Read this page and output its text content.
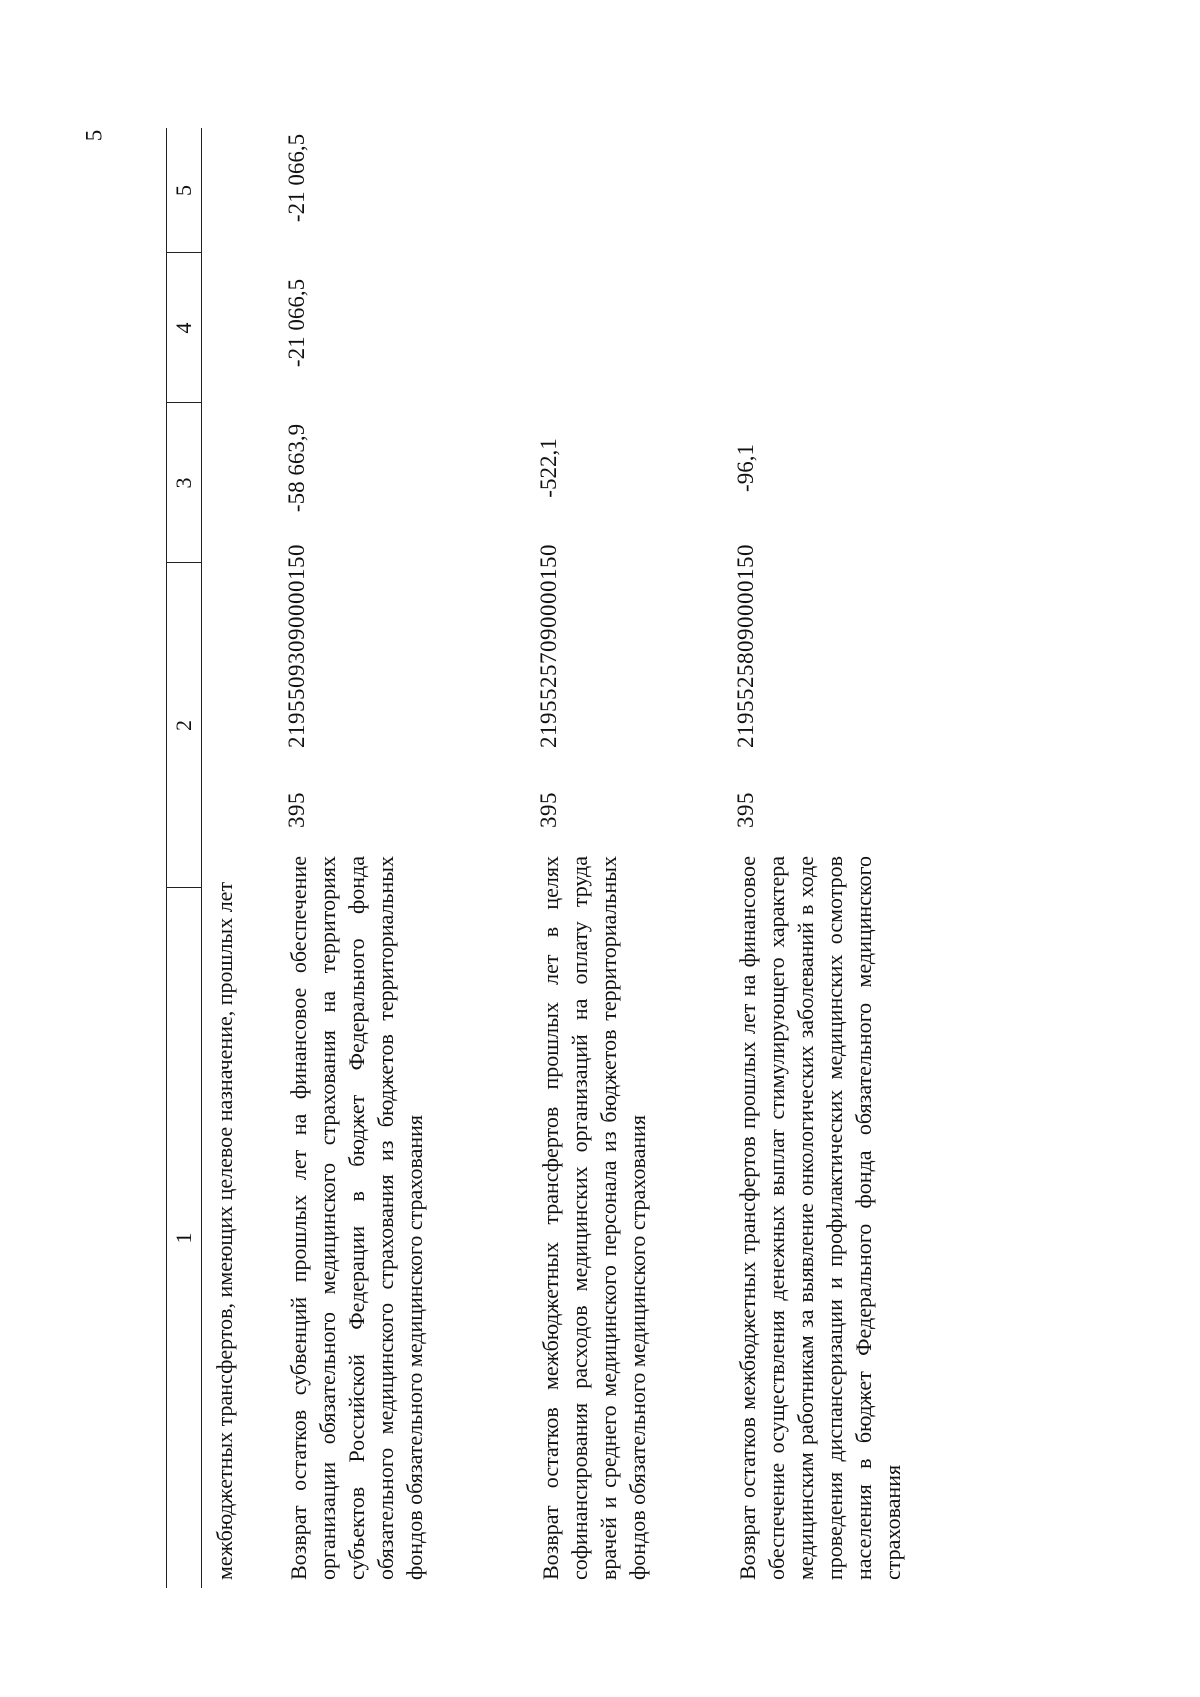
5
1
2
3
4
5
межбюджетных трансфертов, имеющих целевое назначение, прошлых лет Возврат остатков субвенций прошлых лет на финансовое обеспечение организации обязательного медицинского страхования на территориях субъектов Российской Федерации в бюджет Федерального фонда обязательного медицинского страхования из бюджетов территориальных фондов обязательного медицинского страхования
395
21955093090000150
-58 663,9
-21 066,5
-21 066,5
Возврат остатков межбюджетных трансфертов прошлых лет в целях софинансирования расходов медицинских организаций на оплату труда врачей и среднего медицинского персонала из бюджетов территориальных фондов обязательного медицинского страхования
395
21955257090000150
-522,1
Возврат остатков межбюджетных трансфертов прошлых лет на финансовое обеспечение осуществления денежных выплат стимулирующего характера медицинским работникам за выявление онкологических заболеваний в ходе проведения диспансеризации и профилактических медицинских осмотров населения в бюджет Федерального фонда обязательного медицинского страхования
395
21955258090000150
-96,1
